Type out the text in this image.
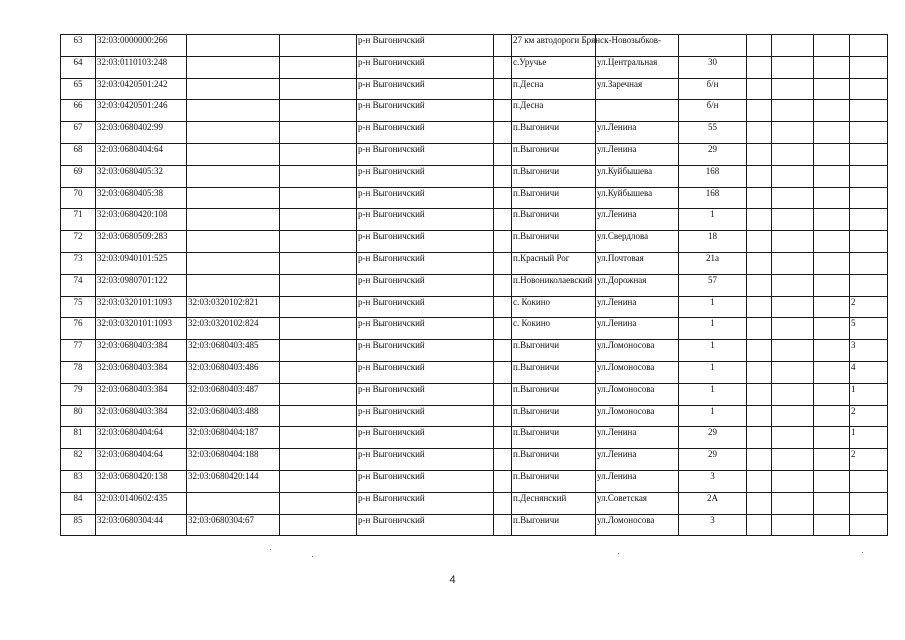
63	32:03:0000000:266			р-н Выгоничский		27 км автодороги Брянск-Новозыбков-						
64	32:03:0110103:248			р-н Выгоничский		с.Уручье	ул.Центральная	30				
65	32:03:0420501:242			р-н Выгоничский		п.Десна	ул.Заречная	б/н				
66	32:03:0420501:246			р-н Выгоничский		п.Десна		б/н				
67	32:03:0680402:99			р-н Выгоничский		п.Выгоничи	ул.Ленина	55				
68	32:03:0680404:64			р-н Выгоничский		п.Выгоничи	ул.Ленина	29				
69	32:03:0680405:32			р-н Выгоничский		п.Выгоничи	ул.Куйбышева	168				
70	32:03:0680405:38			р-н Выгоничский		п.Выгоничи	ул.Куйбышева	168				
71	32:03:0680420:108			р-н Выгоничский		п.Выгоничи	ул.Ленина	1				
72	32:03:0680509:283			р-н Выгоничский		п.Выгоничи	ул.Свердлова	18				
73	32:03:0940101:525			р-н Выгоничский		п.Красный Рог	ул.Почтовая	21а				
74	32:03:0980701:122			р-н Выгоничский		п.Новониколаевский	ул.Дорожная	57				
75	32:03:0320101:1093	32:03:0320102:821		р-н Выгоничский		с. Кокино	ул.Ленина	1				2
76	32:03:0320101:1093	32:03:0320102:824		р-н Выгоничский		с. Кокино	ул.Ленина	1				5
77	32:03:0680403:384	32:03:0680403:485		р-н Выгоничский		п.Выгоничи	ул.Ломоносова	1				3
78	32:03:0680403:384	32:03:0680403:486		р-н Выгоничский		п.Выгоничи	ул.Ломоносова	1				4
79	32:03:0680403:384	32:03:0680403:487		р-н Выгоничский		п.Выгоничи	ул.Ломоносова	1				1
80	32:03:0680403:384	32:03:0680403:488		р-н Выгоничский		п.Выгоничи	ул.Ломоносова	1				2
81	32:03:0680404:64	32:03:0680404:187		р-н Выгоничский		п.Выгоничи	ул.Ленина	29				1
82	32:03:0680404:64	32:03:0680404:188		р-н Выгоничский		п.Выгоничи	ул.Ленина	29				2
83	32:03:0680420:138	32:03:0680420:144		р-н Выгоничский		п.Выгоничи	ул.Ленина	3				
84	32:03:0140602:435			р-н Выгоничский		п.Деснянский	ул.Советская	2А				
85	32:03:0680304:44	32:03:0680304:67		р-н Выгоничский		п.Выгоничи	ул.Ломоносова	3				
4
